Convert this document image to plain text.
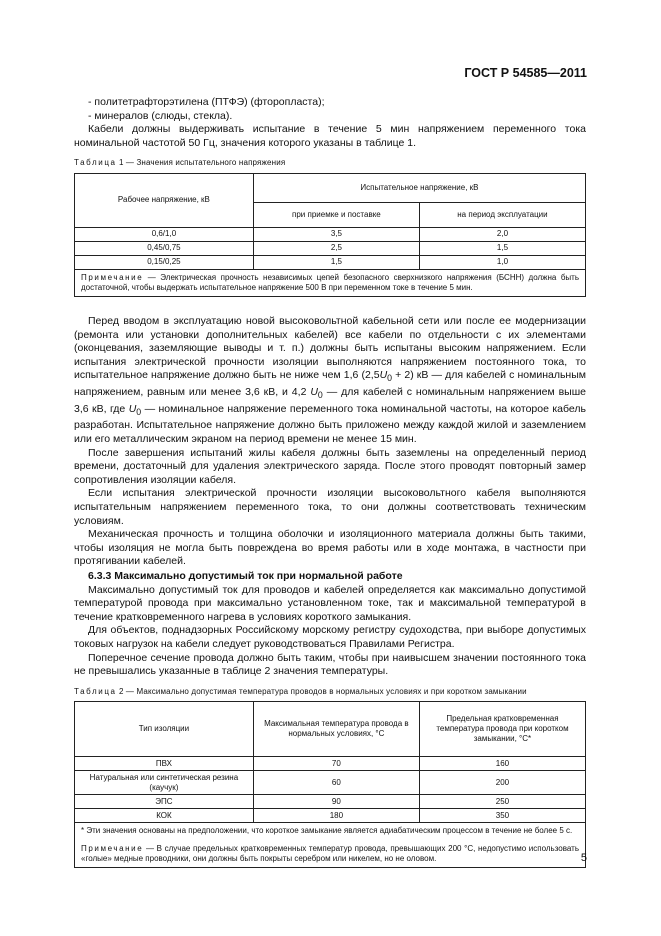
ГОСТ Р 54585—2011

- политетрафторэтилена (ПТФЭ) (фторопласта);

- минералов (слюды, стекла).

Кабели должны выдерживать испытание в течение 5 мин напряжением переменного тока номинальной частотой 50 Гц, значения которого указаны в таблице 1.

Таблица 1 — Значения испытательного напряжения
Рабочее напряжение, кВ	Испытательное напряжение, кВ	
	при приемке и поставке	на период эксплуатации
0,6/1,0	3,5	2,0
0,45/0,75	2,5	1,5
0,15/0,25	1,5	1,0
Примечание — Электрическая прочность независимых цепей безопасного сверхнизкого напряжения (БСНН) должна быть достаточной, чтобы выдержать испытательное напряжение 500 В при переменном токе в течение 5 мин.		

Перед вводом в эксплуатацию новой высоковольтной кабельной сети или после ее модернизации (ремонта или установки дополнительных кабелей) все кабели по отдельности с их элементами (оконцевания, заземляющие выводы и т. п.) должны быть испытаны высоким напряжением. Если испытания электрической прочности изоляции выполняются напряжением постоянного тока, то испытательное напряжение должно быть не ниже чем 1,6 $(2,5U_0 + 2)$ кВ — для кабелей с номинальным напряжением, равным или менее 3,6 кВ, и 4,2 $U_0$ — для кабелей с номинальным напряжением выше 3,6 кВ, где $U_0$ — номинальное напряжение переменного тока номинальной частоты, на которое кабель разработан. Испытательное напряжение должно быть приложено между каждой жилой и заземлением или его металлическим экраном на период времени не менее 15 мин.

После завершения испытаний жилы кабеля должны быть заземлены на определенный период времени, достаточный для удаления электрического заряда. После этого проводят повторный замер сопротивления изоляции кабеля.

Если испытания электрической прочности изоляции высоковольтного кабеля выполняются испытательным напряжением переменного тока, то они должны соответствовать техническим условиям.

Механическая прочность и толщина оболочки и изоляционного материала должны быть такими, чтобы изоляция не могла быть повреждена во время работы или в ходе монтажа, в частности при протягивании кабелей.

6.3.3 Максимально допустимый ток при нормальной работе

Максимально допустимый ток для проводов и кабелей определяется как максимально допустимой температурой провода при максимально установленном токе, так и максимальной температурой в течение кратковременного нагрева в условиях короткого замыкания.

Для объектов, поднадзорных Российскому морскому регистру судоходства, при выборе допустимых токовых нагрузок на кабели следует руководствоваться Правилами Регистра.

Поперечное сечение провода должно быть таким, чтобы при наивысшем значении постоянного тока не превышались указанные в таблице 2 значения температуры.

Таблица 2 — Максимально допустимая температура проводов в нормальных условиях и при коротком замыкании
Тип изоляции	Максимальная температура провода в нормальных условиях, °C	Предельная кратковременная температура провода при коротком замыкании, °C*
ПВХ	70	160
Натуральная или синтетическая резина (каучук)	60	200
ЭПС	90	250
КОК	180	350

* Эти значения основаны на предположении, что короткое замыкание является адиабатическим процессом в течение не более 5 с.
Примечание — В случае предельных кратковременных температур провода, превышающих 200 °C, недопустимо использовать «голые» медные проводники, они должны быть покрыты серебром или никелем, но не оловом.			5
